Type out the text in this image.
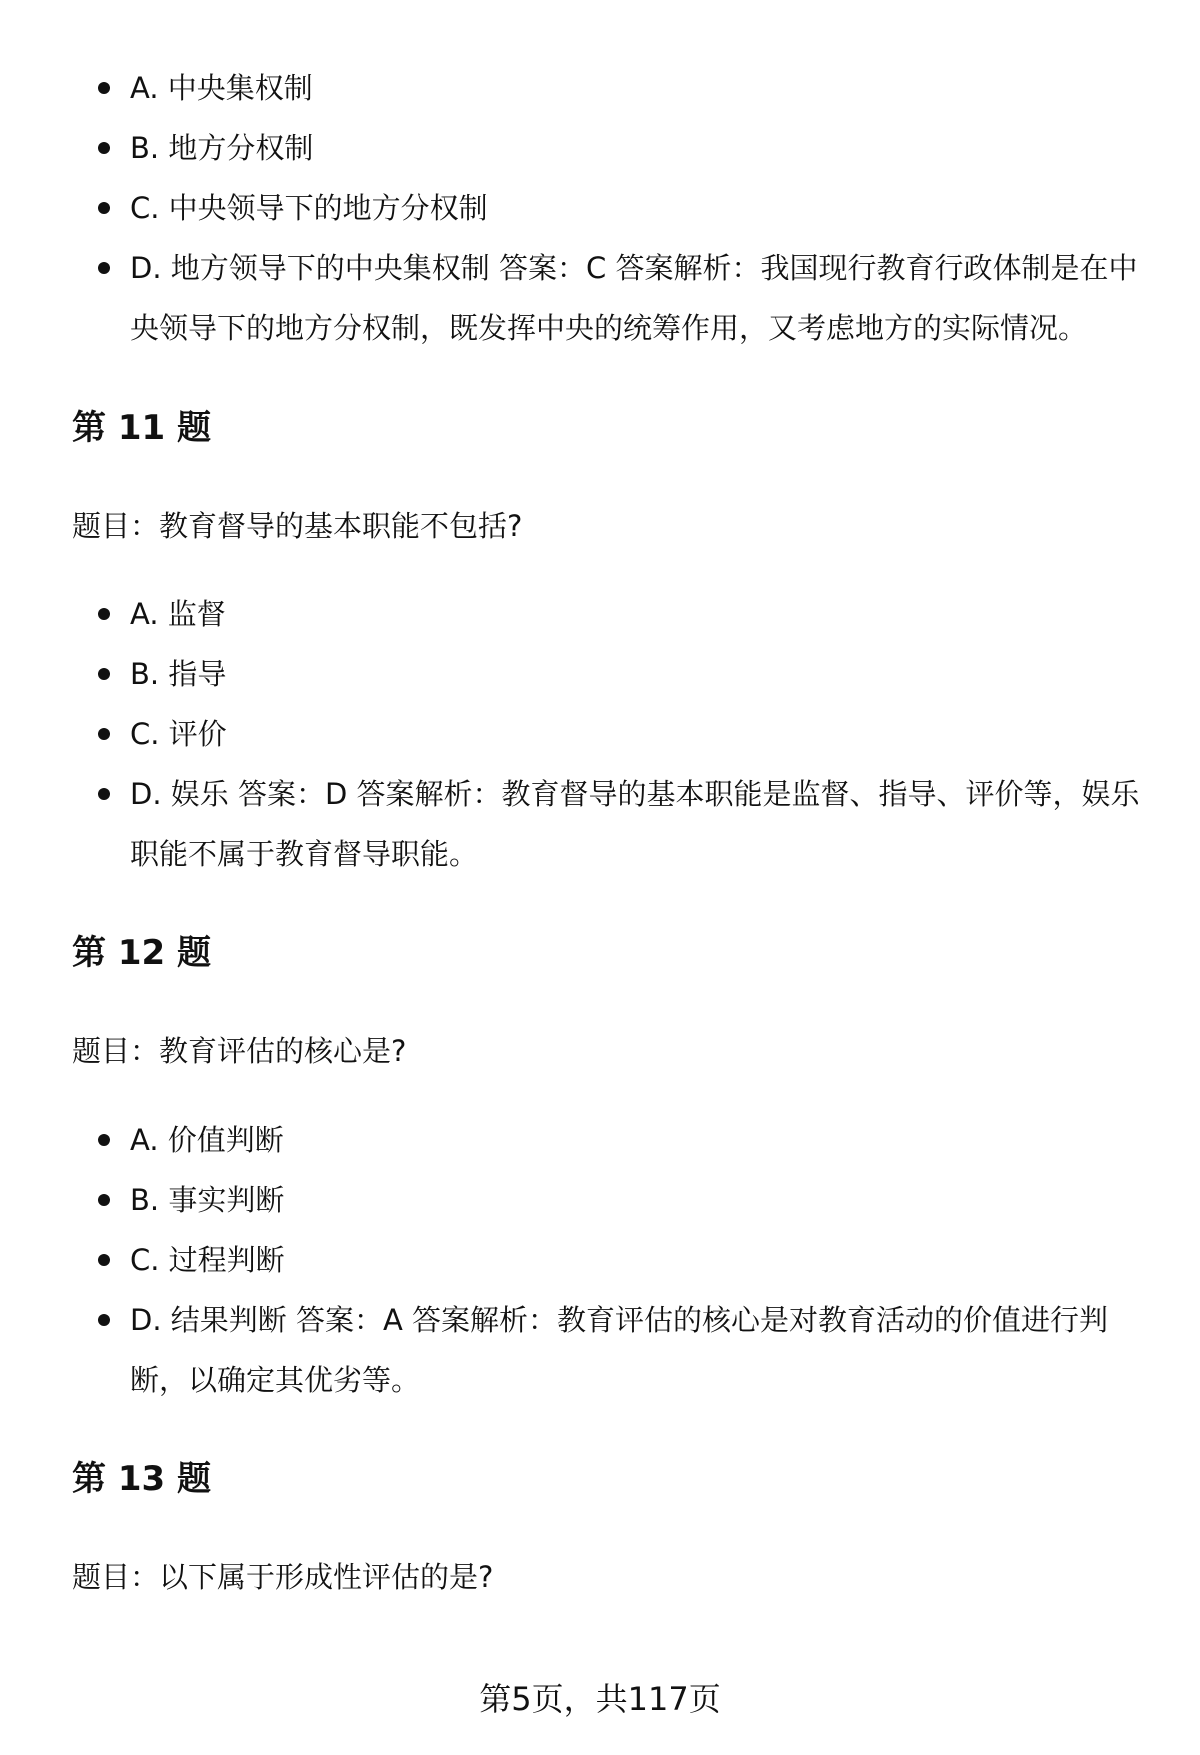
A. 中央集权制
B. 地方分权制
C. 中央领导下的地方分权制
D. 地方领导下的中央集权制 答案：C 答案解析：我国现行教育行政体制是在中央领导下的地方分权制，既发挥中央的统筹作用，又考虑地方的实际情况。
第 11 题
题目：教育督导的基本职能不包括?
A. 监督
B. 指导
C. 评价
D. 娱乐 答案：D 答案解析：教育督导的基本职能是监督、指导、评价等，娱乐职能不属于教育督导职能。
第 12 题
题目：教育评估的核心是?
A. 价值判断
B. 事实判断
C. 过程判断
D. 结果判断 答案：A 答案解析：教育评估的核心是对教育活动的价值进行判断，以确定其优劣等。
第 13 题
题目：以下属于形成性评估的是?
第5页，共117页
